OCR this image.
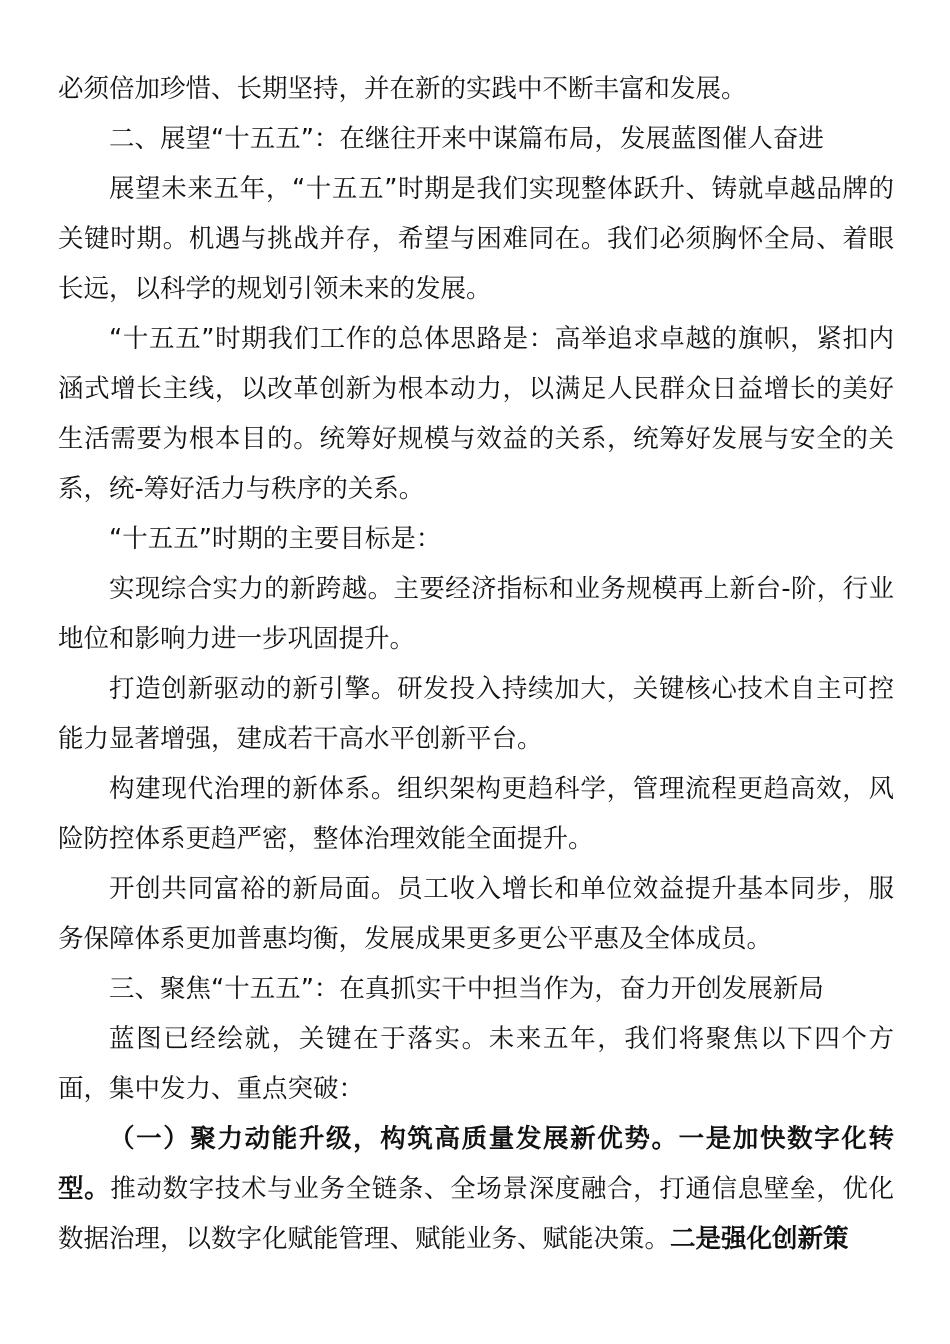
必须倍加珍惜、长期坚持，并在新的实践中不断丰富和发展。

二、展望“十五五”：在继往开来中谋篇布局，发展蓝图催人奋进

展望未来五年，“十五五”时期是我们实现整体跃升、铸就卓越品牌的关键时期。机遇与挑战并存，希望与困难同在。我们必须胸怀全局、着眼长远，以科学的规划引领未来的发展。

“十五五”时期我们工作的总体思路是：高举追求卓越的旗帜，紧扣内涵式增长主线，以改革创新为根本动力，以满足人民群众日益增长的美好生活需要为根本目的。统筹好规模与效益的关系，统筹好发展与安全的关系，统-筹好活力与秩序的关系。

“十五五”时期的主要目标是：

实现综合实力的新跨越。主要经济指标和业务规模再上新台-阶，行业地位和影响力进一步巩固提升。

打造创新驱动的新引擎。研发投入持续加大，关键核心技术自主可控能力显著增强，建成若干高水平创新平台。

构建现代治理的新体系。组织架构更趋科学，管理流程更趋高效，风险防控体系更趋严密，整体治理效能全面提升。

开创共同富裕的新局面。员工收入增长和单位效益提升基本同步，服务保障体系更加普惠均衡，发展成果更多更公平惠及全体成员。

三、聚焦“十五五”：在真抓实干中担当作为，奋力开创发展新局

蓝图已经绘就，关键在于落实。未来五年，我们将聚焦以下四个方面，集中发力、重点突破：

（一）聚力动能升级，构筑高质量发展新优势。一是加快数字化转型。推动数字技术与业务全链条、全场景深度融合，打通信息壁垒，优化数据治理，以数字化赋能管理、赋能业务、赋能决策。二是强化创新策
